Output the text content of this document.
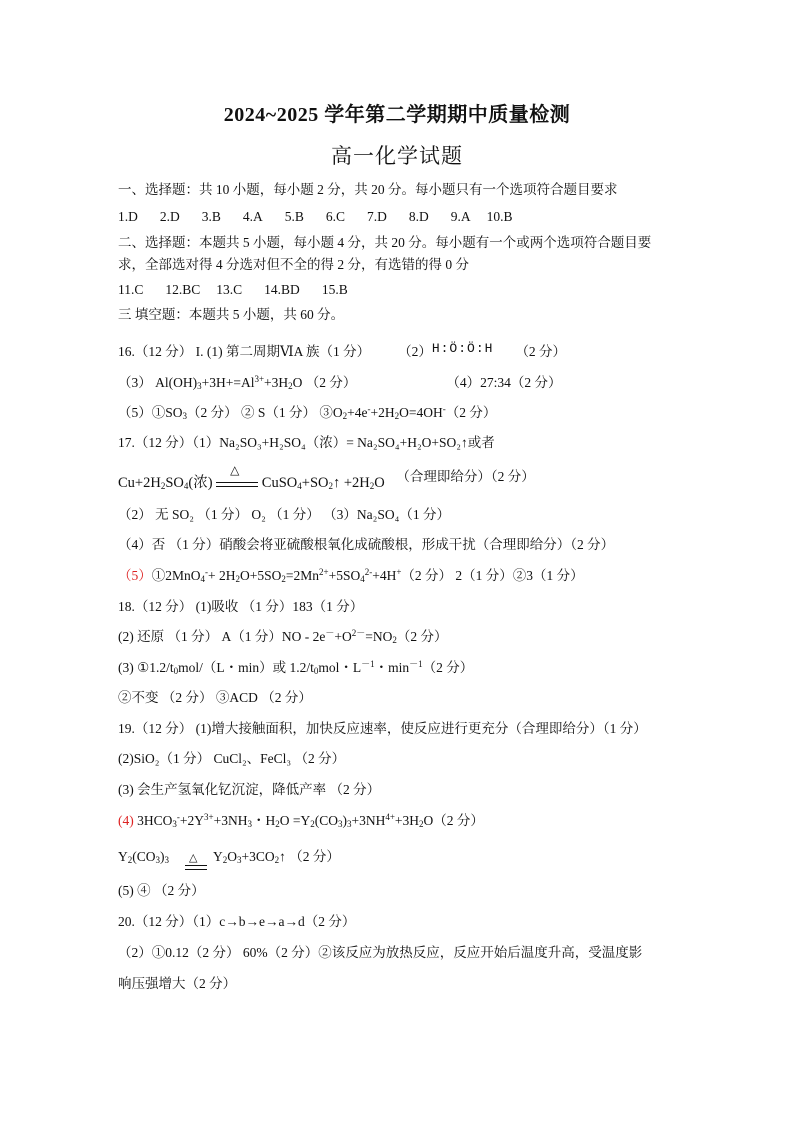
2024~2025 学年第二学期期中质量检测
高一化学试题
一、选择题：共 10 小题，每小题 2 分，共 20 分。每小题只有一个选项符合题目要求
1.D 2.D 3.B 4.A 5.B 6.C 7.D 8.D 9.A 10.B
二、选择题：本题共 5 小题，每小题 4 分，共 20 分。每小题有一个或两个选项符合题目要
求，全部选对得 4 分选对但不全的得 2 分，有选错的得 0 分
11.C 12.BC 13.C 14.BD 15.B
三 填空题：本题共 5 小题，共 60 分。
16.（12 分） I. (1) 第二周期ⅥA 族（1 分） （2）H:Ö:Ö:H （2 分）
（3） $Al(OH)_3+3H+=Al^{3+}+3H_2O$ （2 分）	（4）27:34（2 分）
$(5)①SO_3(2$ 分） ② S（1 分） $③O_2+4e^-+2H_2O=4OH^-(2$ 分）
17.（12 分）（1）Na₂SO₃+H₂SO₄（浓）= Na₂SO₄+H₂O+SO₂↑或者
$Cu+2H_2SO_4$(浓)
△
$CuSO_4+SO_2↑ +2H_2O$ （合理即给分）（2 分）
（2） 无 SO₂ （1 分） O₂ （1 分） （3）Na₂SO₄（1 分）
（4）否 （1 分）硝酸会将亚硫酸根氧化成硫酸根，形成干扰（合理即给分）（2 分）
（5）①2MnO$_4$-+ $2H_2O+5SO_2=2Mn^{2+}+5SO_4^{2-}+4H^+(2$ 分） 2（1 分）②3（1 分）
18.（12 分） (1)吸收 （1 分）183（1 分）
(2) 还原 （1 分） A（1 分）$NO - 2e^-+O^{2-}=NO_2(2$ 分）
(3) $①1.2/t_0mol/(L$・min）或 $1.2/t_0mol$・$L^{-1}$・$\min^{-1}(2$ 分）
②不变 （2 分） ③ACD （2 分）
19.（12 分） (1)增大接触面积，加快反应速率，使反应进行更充分（合理即给分）（1 分）
(2)SiO₂（1 分） CuCl₂、FeCl₃ （2 分）
(3) 会生产氢氧化钇沉淀，降低产率 （2 分）
(4) $3HCO_3^-+2Y^{3+}+3NH_3$・$H_2O =Y_2(CO_3)_3+3NH^{4+}+3H_2O(2$ 分）
$Y_2(CO_3)_3$	$Y_2O_3+3CO_2↑$ （2 分）
△
(5) ④ （2 分）
20.（12 分）（1）c→b→e→a→d（2 分）
（2）①0.12（2 分） 60%（2 分）②该反应为放热反应，反应开始后温度升高，受温度影
响压强增大（2 分）
